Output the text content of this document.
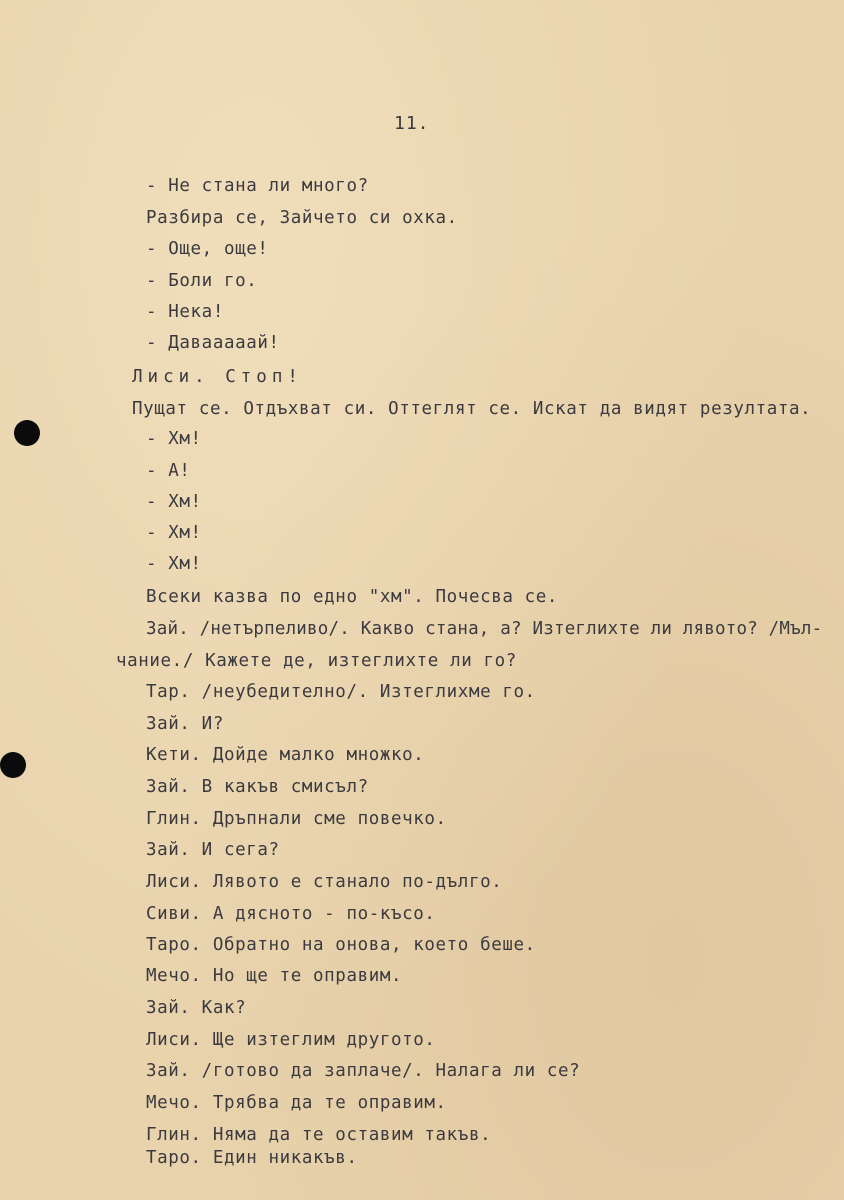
11.
- Не стана ли много?
Разбира се, Зайчето си охка.
- Още, още!
- Боли го.
- Нека!
- Давааааай!
Лиси. Стоп!
Пущат се. Отдъхват си. Оттеглят се. Искат да видят резултата.
- Хм!
- А!
- Хм!
- Хм!
- Хм!
Всеки казва по едно "хм". Почесва се.
Зай. /нетърпеливо/. Какво стана, а? Изтеглихте ли лявото? /Мъл-
чание./ Кажете де, изтеглихте ли го?
Тар. /неубедително/. Изтеглихме го.
Зай. И?
Кети. Дойде малко множко.
Зай. В какъв смисъл?
Глин. Дръпнали сме повечко.
Зай. И сега?
Лиси. Лявото е станало по-дълго.
Сиви. А дясното - по-късо.
Таро. Обратно на онова, което беше.
Мечо. Но ще те оправим.
Зай. Как?
Лиси. Ще изтеглим другото.
Зай. /готово да заплаче/. Налага ли се?
Мечо. Трябва да те оправим.
Глин. Няма да те оставим такъв.
Таро. Един никакъв.
